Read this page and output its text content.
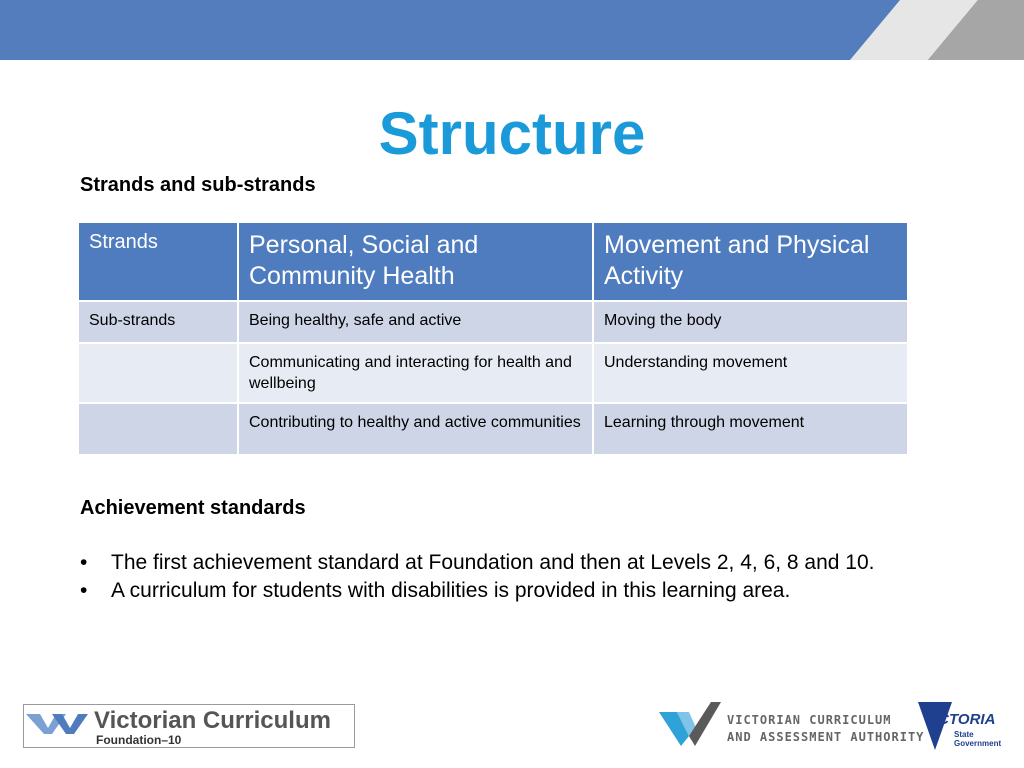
Structure
Strands and sub-strands
Strands	Personal, Social and Community Health	Movement and Physical Activity
Sub-strands	Being healthy, safe and active	Moving the body
	Communicating and interacting for health and wellbeing	Understanding movement
	Contributing to healthy and active communities	Learning through movement
Achievement standards
• The first achievement standard at Foundation and then at Levels 2, 4, 6, 8 and 10.
• A curriculum for students with disabilities is provided in this learning area.
Victorian Curriculum
Foundation–10
VICTORIAN CURRICULUM
AND ASSESSMENT AUTHORITY
VICTORIA
State
Government
